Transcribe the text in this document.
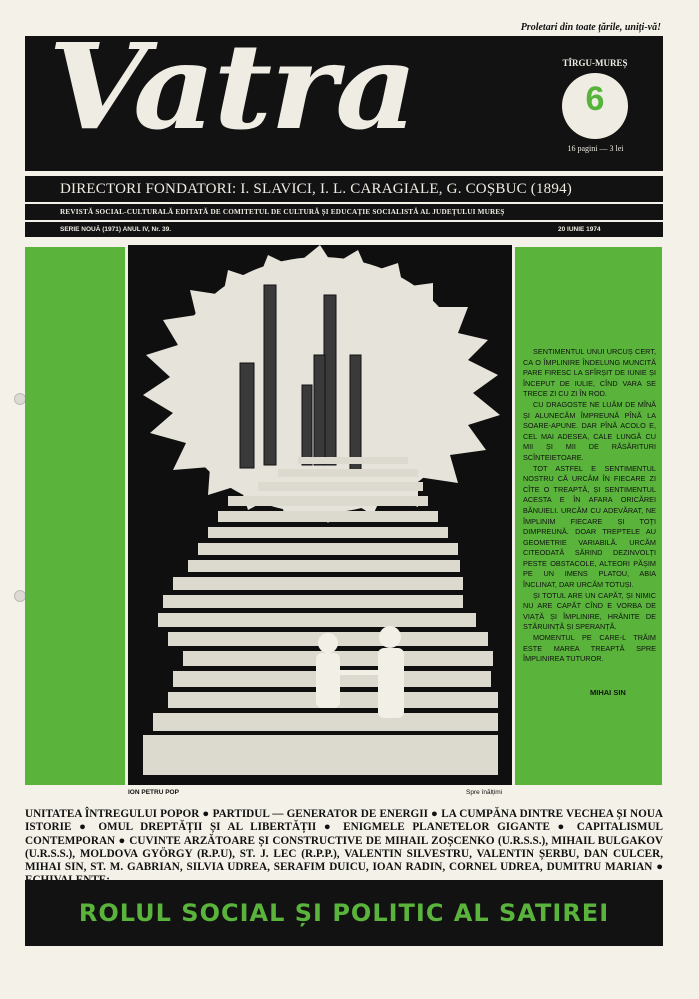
Proletari din toate țările, uniți-vă!
Vatra	TÎRGU-MUREȘ
6
16 pagini — 3 lei
DIRECTORI FONDATORI: I. SLAVICI, I. L. CARAGIALE, G. COȘBUC (1894)
REVISTĂ SOCIAL-CULTURALĂ EDITATĂ DE COMITETUL DE CULTURĂ ȘI EDUCAȚIE SOCIALISTĂ AL JUDEȚULUI MUREȘ
SERIE NOUĂ (1971) ANUL IV, Nr. 39.	20 IUNIE 1974

SENTIMENTUL UNUI URCUȘ CERT, CA O ÎMPLINIRE ÎNDELUNG MUNCITĂ PARE FIRESC LA SFÎRȘIT DE IUNIE ȘI ÎNCEPUT DE IULIE, CÎND VARA SE TRECE ZI CU ZI ÎN ROD.

CU DRAGOSTE NE LUĂM DE MÎNĂ ȘI ALUNECĂM ÎMPREUNĂ PÎNĂ LA SOARE-APUNE. DAR PÎNĂ ACOLO E, CEL MAI ADESEA, CALE LUNGĂ CU MII ȘI MII DE RĂSĂRITURI SCÎNTEIETOARE.

TOT ASTFEL E SENTIMENTUL NOSTRU CĂ URCĂM ÎN FIECARE ZI CÎTE O TREAPTĂ, ȘI SENTIMENTUL ACESTA E ÎN AFARA ORICĂREI BĂNUIELI. URCĂM CU ADEVĂRAT, NE ÎMPLINIM FIECARE ȘI TOȚI DIMPREUNĂ. DOAR TREPTELE AU GEOMETRIE VARIABILĂ. URCĂM CITEODATĂ SĂRIND DEZINVOLȚI PESTE OBSTACOLE, ALTEORI PĂȘIM PE UN IMENS PLATOU, ABIA ÎNCLINAT, DAR URCĂM TOTUȘI.

ȘI TOTUL ARE UN CAPĂT, ȘI NIMIC NU ARE CAPĂT CÎND E VORBA DE VIAȚĂ ȘI ÎMPLINIRE, HRĂNITE DE STĂRUINȚĂ ȘI SPERANȚĂ.

MOMENTUL PE CARE-L TRĂIM ESTE MAREA TREAPTĂ SPRE ÎMPLINIREA TUTUROR.

MIHAI SIN
ION PETRU POP	Spre înălțimi
UNITATEA ÎNTREGULUI POPOR ● PARTIDUL — GENERATOR DE ENERGII ● LA CUMPĂNA DINTRE VECHEA ȘI NOUA ISTORIE ● OMUL DREPTĂȚII ȘI AL LIBERTĂȚII ● ENIGMELE PLANETELOR GIGANTE ● CAPITALISMUL CONTEMPORAN ● CUVINTE ARZĂTOARE ȘI CONSTRUCTIVE DE MIHAIL ZOȘCENKO (U.R.S.S.), MIHAIL BULGAKOV (U.R.S.S.), MOLDOVA GYÖRGY (R.P.U), ST. J. LEC (R.P.P.), VALENTIN SILVESTRU, VALENTIN ȘERBU, DAN CULCER, MIHAI SIN, ST. M. GABRIAN, SILVIA UDREA, SERAFIM DUICU, IOAN RADIN, CORNEL UDREA, DUMITRU MARIAN ●
ROLUL SOCIAL ȘI POLITIC AL SATIREI
